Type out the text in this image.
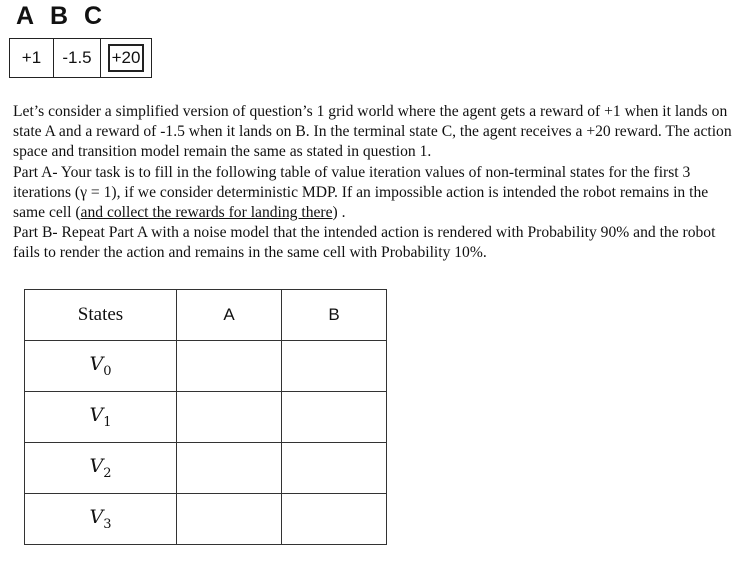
A B C
+1 -1.5 +20

Let’s consider a simplified version of question’s 1 grid world where the agent gets a reward of +1 when it lands on state A and a reward of -1.5 when it lands on B. In the terminal state C, the agent receives a +20 reward. The action space and transition model remain the same as stated in question 1.

Part A- Your task is to fill in the following table of value iteration values of non-terminal states for the first 3 iterations (γ = 1), if we consider deterministic MDP. If an impossible action is intended the robot remains in the same cell (and collect the rewards for landing there) .

Part B- Repeat Part A with a noise model that the intended action is rendered with Probability 90% and the robot fails to render the action and remains in the same cell with Probability 10%.

States	A	B
$V_0$		
$V_1$		
$V_2$		
$V_3$		
